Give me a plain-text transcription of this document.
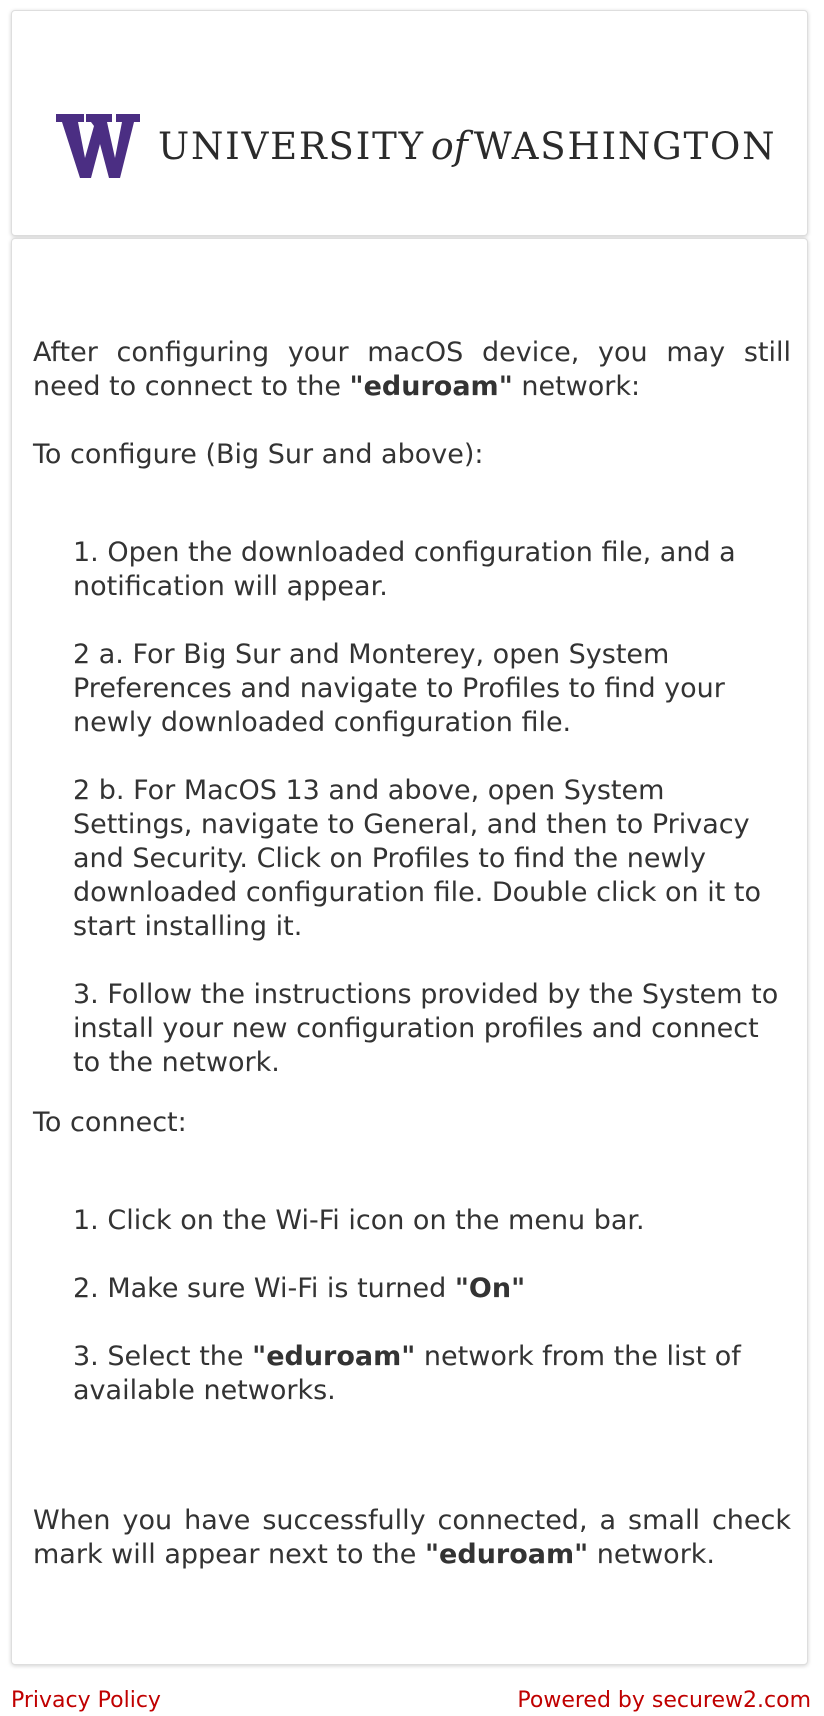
UNIVERSITY of WASHINGTON

After configuring your macOS device, you may still need to connect to the "eduroam" network:

To configure (Big Sur and above):

1. Open the downloaded configuration file, and a notification will appear.

2 a. For Big Sur and Monterey, open System Preferences and navigate to Profiles to find your newly downloaded configuration file.

2 b. For MacOS 13 and above, open System Settings, navigate to General, and then to Privacy and Security. Click on Profiles to find the newly downloaded configuration file. Double click on it to start installing it.

3. Follow the instructions provided by the System to install your new configuration profiles and connect to the network.

To connect:

1. Click on the Wi-Fi icon on the menu bar.

2. Make sure Wi-Fi is turned "On"

3. Select the "eduroam" network from the list of available networks.

When you have successfully connected, a small check mark will appear next to the "eduroam" network.

Privacy Policy	Powered by securew2.com
